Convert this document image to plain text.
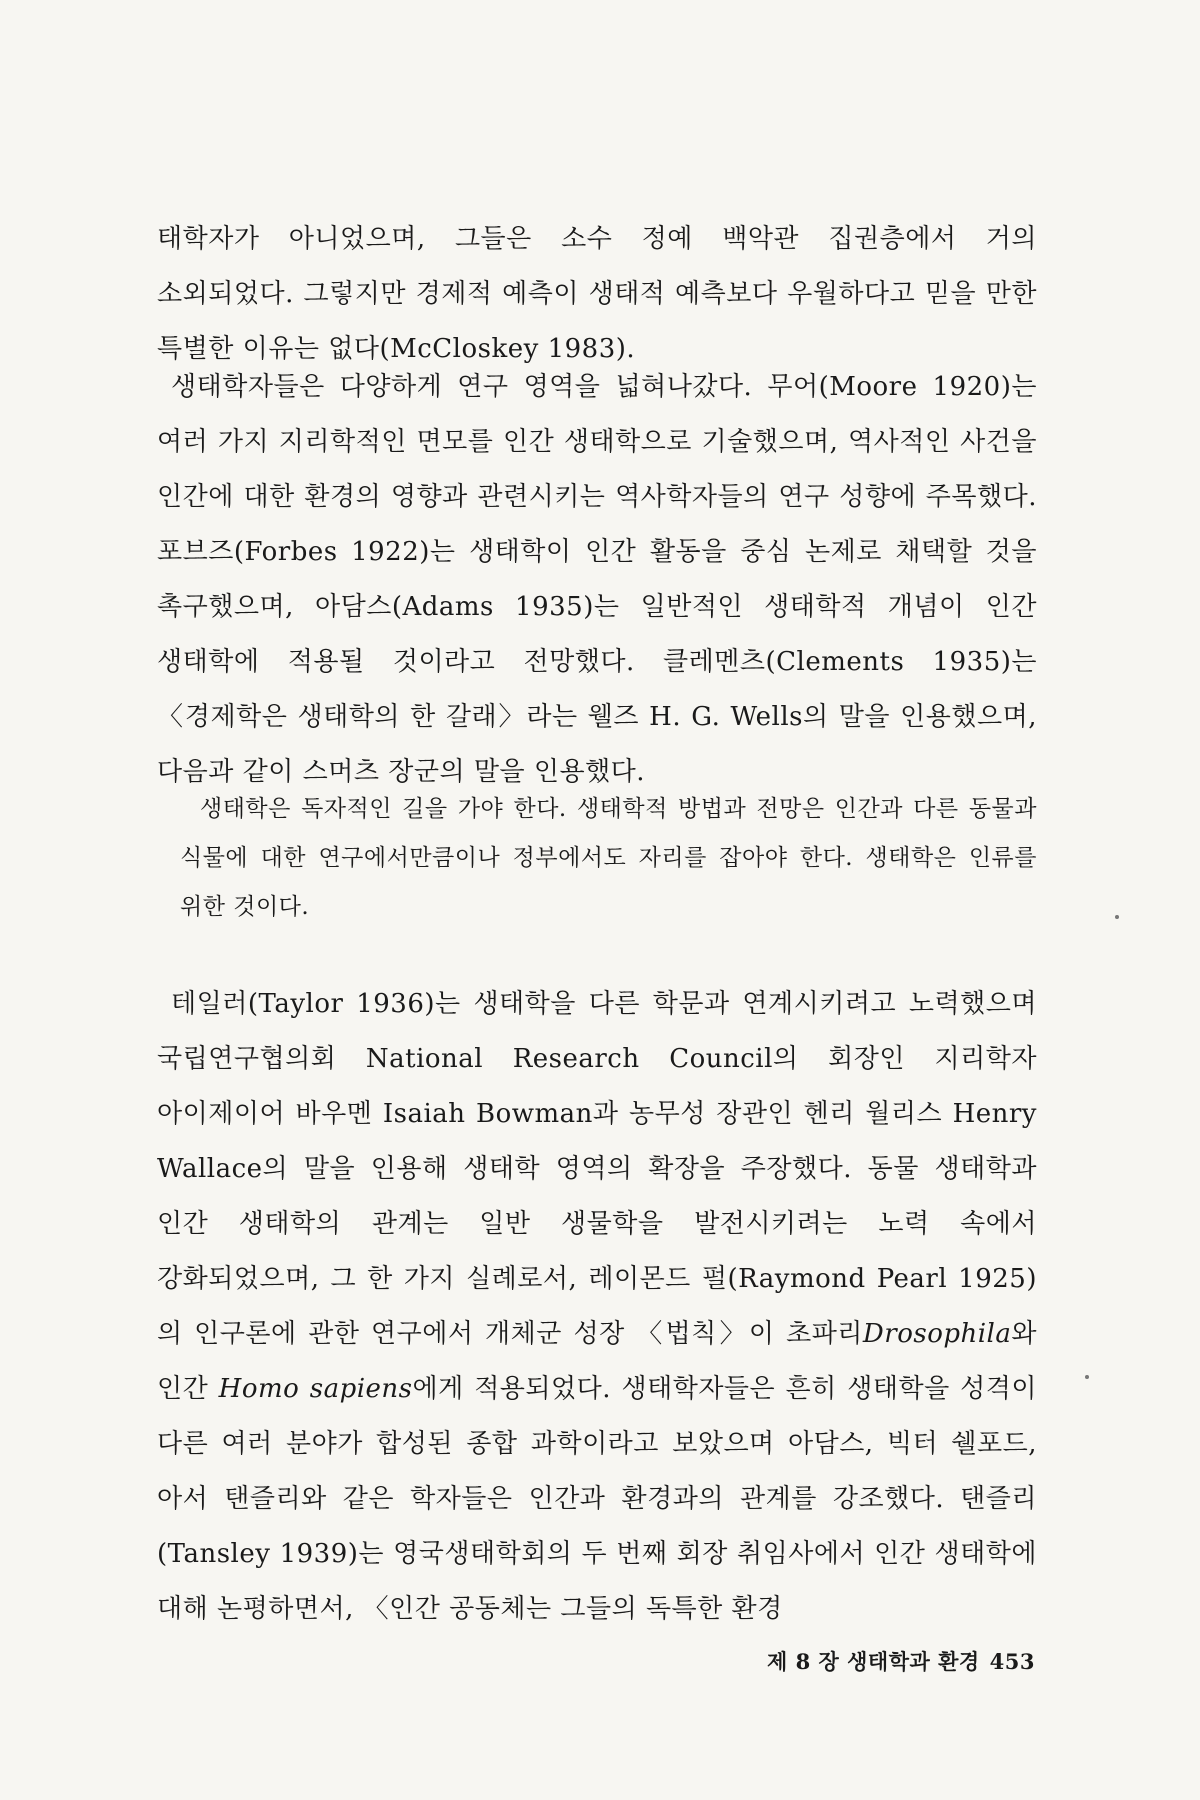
태학자가 아니었으며, 그들은 소수 정예 백악관 집권층에서 거의 소외되었다. 그렇지만 경제적 예측이 생태적 예측보다 우월하다고 믿을 만한 특별한 이유는 없다(McCloskey 1983).

생태학자들은 다양하게 연구 영역을 넓혀나갔다. 무어(Moore 1920)는 여러 가지 지리학적인 면모를 인간 생태학으로 기술했으며, 역사적인 사건을 인간에 대한 환경의 영향과 관련시키는 역사학자들의 연구 성향에 주목했다. 포브즈(Forbes 1922)는 생태학이 인간 활동을 중심 논제로 채택할 것을 촉구했으며, 아담스(Adams 1935)는 일반적인 생태학적 개념이 인간 생태학에 적용될 것이라고 전망했다. 클레멘츠(Clements 1935)는 〈경제학은 생태학의 한 갈래〉라는 웰즈 H. G. Wells의 말을 인용했으며, 다음과 같이 스머츠 장군의 말을 인용했다.

생태학은 독자적인 길을 가야 한다. 생태학적 방법과 전망은 인간과 다른 동물과 식물에 대한 연구에서만큼이나 정부에서도 자리를 잡아야 한다. 생태학은 인류를 위한 것이다.

테일러(Taylor 1936)는 생태학을 다른 학문과 연계시키려고 노력했으며 국립연구협의회 National Research Council의 회장인 지리학자 아이제이어 바우멘 Isaiah Bowman과 농무성 장관인 헨리 월리스 Henry Wallace의 말을 인용해 생태학 영역의 확장을 주장했다. 동물 생태학과 인간 생태학의 관계는 일반 생물학을 발전시키려는 노력 속에서 강화되었으며, 그 한 가지 실례로서, 레이몬드 펄(Raymond Pearl 1925)의 인구론에 관한 연구에서 개체군 성장 〈법칙〉이 초파리Drosophila와 인간 Homo sapiens에게 적용되었다. 생태학자들은 흔히 생태학을 성격이 다른 여러 분야가 합성된 종합 과학이라고 보았으며 아담스, 빅터 쉘포드, 아서 탠즐리와 같은 학자들은 인간과 환경과의 관계를 강조했다. 탠즐리(Tansley 1939)는 영국생태학회의 두 번째 회장 취임사에서 인간 생태학에 대해 논평하면서, 〈인간 공동체는 그들의 독특한 환경

제 8 장 생태학과 환경 453
